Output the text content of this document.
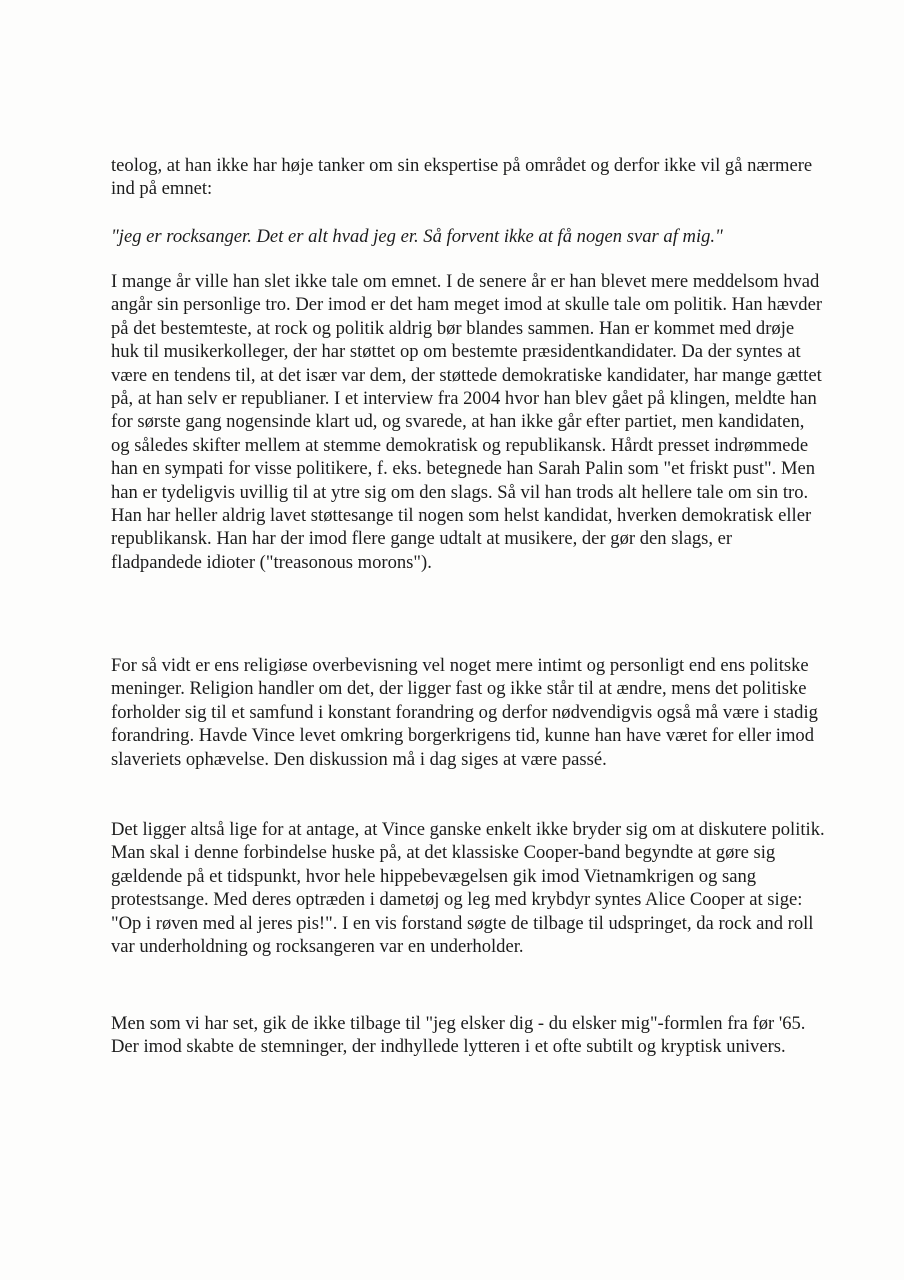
teolog, at han ikke har høje tanker om sin ekspertise på området og derfor ikke vil gå nærmere ind på emnet:

"jeg er rocksanger. Det er alt hvad jeg er. Så forvent ikke at få nogen svar af mig."

I mange år ville han slet ikke tale om emnet. I de senere år er han blevet mere meddelsom hvad angår sin personlige tro. Der imod er det ham meget imod at skulle tale om politik. Han hævder på det bestemteste, at rock og politik aldrig bør blandes sammen. Han er kommet med drøje huk til musikerkolleger, der har støttet op om bestemte præsidentkandidater. Da der syntes at være en tendens til, at det især var dem, der støttede demokratiske kandidater, har mange gættet på, at han selv er republianer. I et interview fra 2004 hvor han blev gået på klingen, meldte han for sørste gang nogensinde klart ud, og svarede, at han ikke går efter partiet, men kandidaten, og således skifter mellem at stemme demokratisk og republikansk. Hårdt presset indrømmede han en sympati for visse politikere, f. eks. betegnede han Sarah Palin som "et friskt pust". Men han er tydeligvis uvillig til at ytre sig om den slags. Så vil han trods alt hellere tale om sin tro. Han har heller aldrig lavet støttesange til nogen som helst kandidat, hverken demokratisk eller republikansk. Han har der imod flere gange udtalt at musikere, der gør den slags, er fladpandede idioter ("treasonous morons").

For så vidt er ens religiøse overbevisning vel noget mere intimt og personligt end ens politske meninger. Religion handler om det, der ligger fast og ikke står til at ændre, mens det politiske forholder sig til et samfund i konstant forandring og derfor nødvendigvis også må være i stadig forandring. Havde Vince levet omkring borgerkrigens tid, kunne han have været for eller imod slaveriets ophævelse. Den diskussion må i dag siges at være passé.

Det ligger altså lige for at antage, at Vince ganske enkelt ikke bryder sig om at diskutere politik. Man skal i denne forbindelse huske på, at det klassiske Cooper-band begyndte at gøre sig gældende på et tidspunkt, hvor hele hippebevægelsen gik imod Vietnamkrigen og sang protestsange. Med deres optræden i dametøj og leg med krybdyr syntes Alice Cooper at sige: "Op i røven med al jeres pis!". I en vis forstand søgte de tilbage til udspringet, da rock and roll var underholdning og rocksangeren var en underholder.

Men som vi har set, gik de ikke tilbage til "jeg elsker dig - du elsker mig"-formlen fra før '65. Der imod skabte de stemninger, der indhyllede lytteren i et ofte subtilt og kryptisk univers.
